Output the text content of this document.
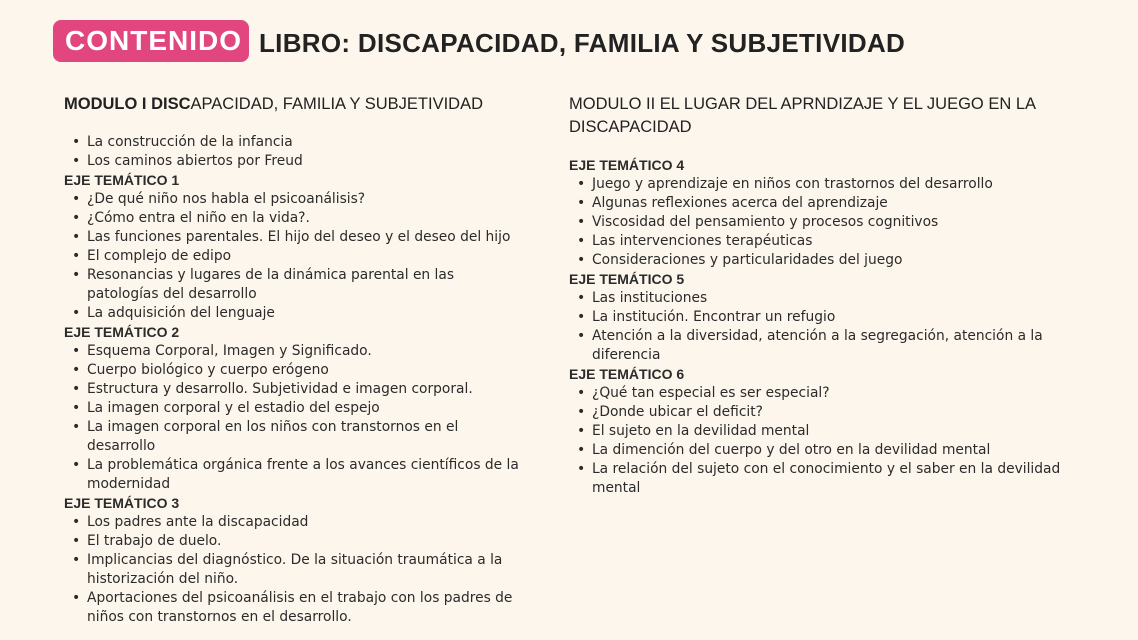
CONTENIDO LIBRO: DISCAPACIDAD, FAMILIA Y SUBJETIVIDAD
MODULO I DISCAPACIDAD, FAMILIA Y SUBJETIVIDAD
• La construcción de la infancia
• Los caminos abiertos por Freud
EJE TEMÁTICO 1
• ¿De qué niño nos habla el psicoanálisis?
• ¿Cómo entra el niño en la vida?.
• Las funciones parentales. El hijo del deseo y el deseo del hijo
• El complejo de edipo
• Resonancias y lugares de la dinámica parental en las patologías del desarrollo
• La adquisición del lenguaje
EJE TEMÁTICO 2
• Esquema Corporal, Imagen y Significado.
• Cuerpo biológico y cuerpo erógeno
• Estructura y desarrollo. Subjetividad e imagen corporal.
• La imagen corporal y el estadio del espejo
• La imagen corporal en los niños con transtornos en el desarrollo
• La problemática orgánica frente a los avances científicos de la modernidad
EJE TEMÁTICO 3
• Los padres ante la discapacidad
• El trabajo de duelo.
• Implicancias del diagnóstico. De la situación traumática a la historización del niño.
• Aportaciones del psicoanálisis en el trabajo con los padres de niños con transtornos en el desarrollo.
MODULO II EL LUGAR DEL APRNDIZAJE Y EL JUEGO EN LA DISCAPACIDAD
EJE TEMÁTICO 4
• Juego y aprendizaje en niños con trastornos del desarrollo
• Algunas reflexiones acerca del aprendizaje
• Viscosidad del pensamiento y procesos cognitivos
• Las intervenciones terapéuticas
• Consideraciones y particularidades del juego
EJE TEMÁTICO 5
• Las instituciones
• La institución. Encontrar un refugio
• Atención a la diversidad, atención a la segregación, atención a la diferencia
EJE TEMÁTICO 6
• ¿Qué tan especial es ser especial?
• ¿Donde ubicar el deficit?
• El sujeto en la devilidad mental
• La dimención del cuerpo y del otro en la devilidad mental
• La relación del sujeto con el conocimiento y el saber en la devilidad mental
